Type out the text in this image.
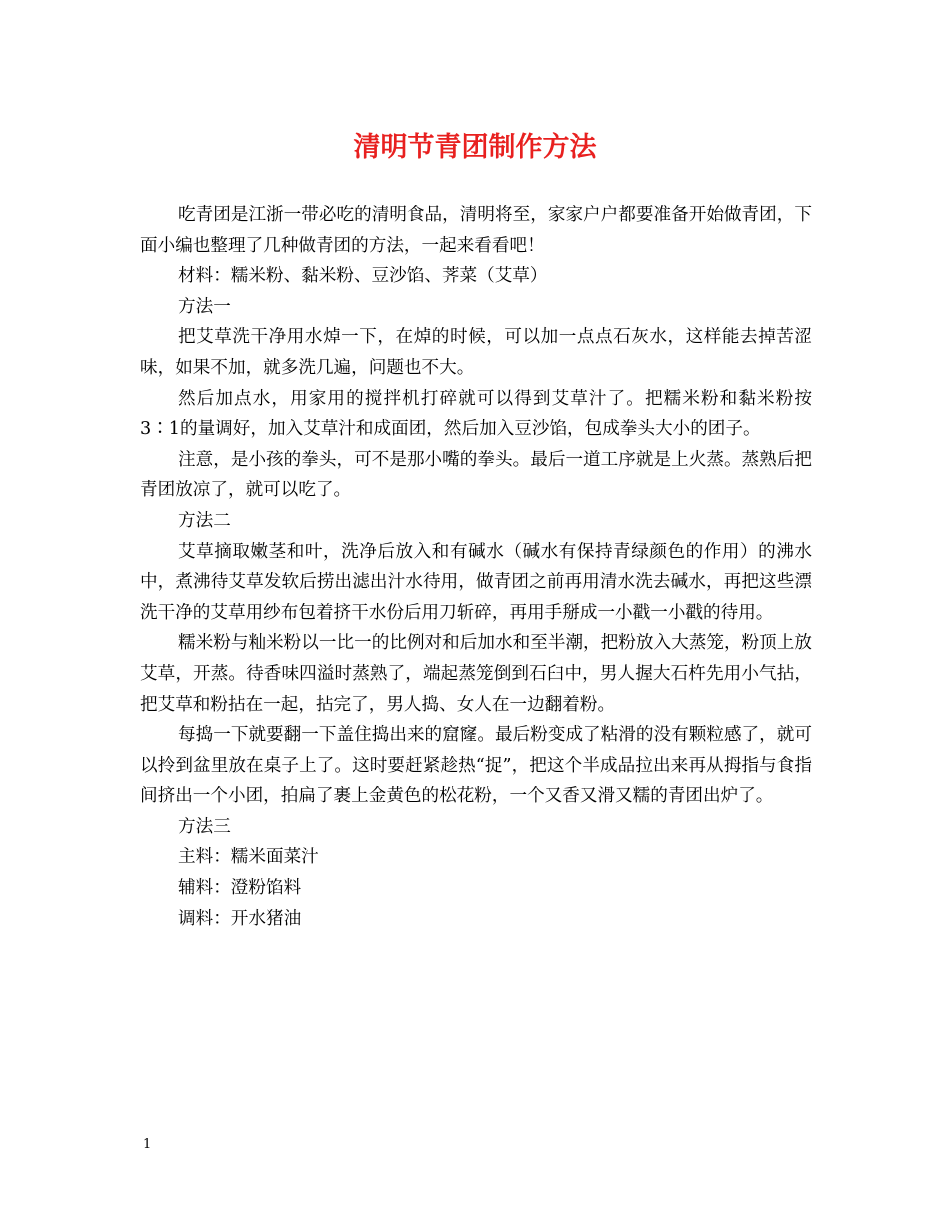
清明节青团制作方法

吃青团是江浙一带必吃的清明食品，清明将至，家家户户都要准备开始做青团，下面小编也整理了几种做青团的方法，一起来看看吧！

材料：糯米粉、黏米粉、豆沙馅、荠菜（艾草）

方法一

把艾草洗干净用水焯一下，在焯的时候，可以加一点点石灰水，这样能去掉苦涩味，如果不加，就多洗几遍，问题也不大。

然后加点水，用家用的搅拌机打碎就可以得到艾草汁了。把糯米粉和黏米粉按3∶1的量调好，加入艾草汁和成面团，然后加入豆沙馅，包成拳头大小的团子。

注意，是小孩的拳头，可不是那小嘴的拳头。最后一道工序就是上火蒸。蒸熟后把青团放凉了，就可以吃了。

方法二

艾草摘取嫩茎和叶，洗净后放入和有碱水（碱水有保持青绿颜色的作用）的沸水中，煮沸待艾草发软后捞出滤出汁水待用，做青团之前再用清水洗去碱水，再把这些漂洗干净的艾草用纱布包着挤干水份后用刀斩碎，再用手掰成一小戳一小戳的待用。

糯米粉与籼米粉以一比一的比例对和后加水和至半潮，把粉放入大蒸笼，粉顶上放艾草，开蒸。待香味四溢时蒸熟了，端起蒸笼倒到石臼中，男人握大石杵先用小气拈，把艾草和粉拈在一起，拈完了，男人捣、女人在一边翻着粉。

每捣一下就要翻一下盖住捣出来的窟窿。最后粉变成了粘滑的没有颗粒感了，就可以拎到盆里放在桌子上了。这时要赶紧趁热“捉”，把这个半成品拉出来再从拇指与食指间挤出一个小团，拍扁了裹上金黄色的松花粉，一个又香又滑又糯的青团出炉了。

方法三

主料：糯米面菜汁

辅料：澄粉馅料

调料：开水猪油

1
